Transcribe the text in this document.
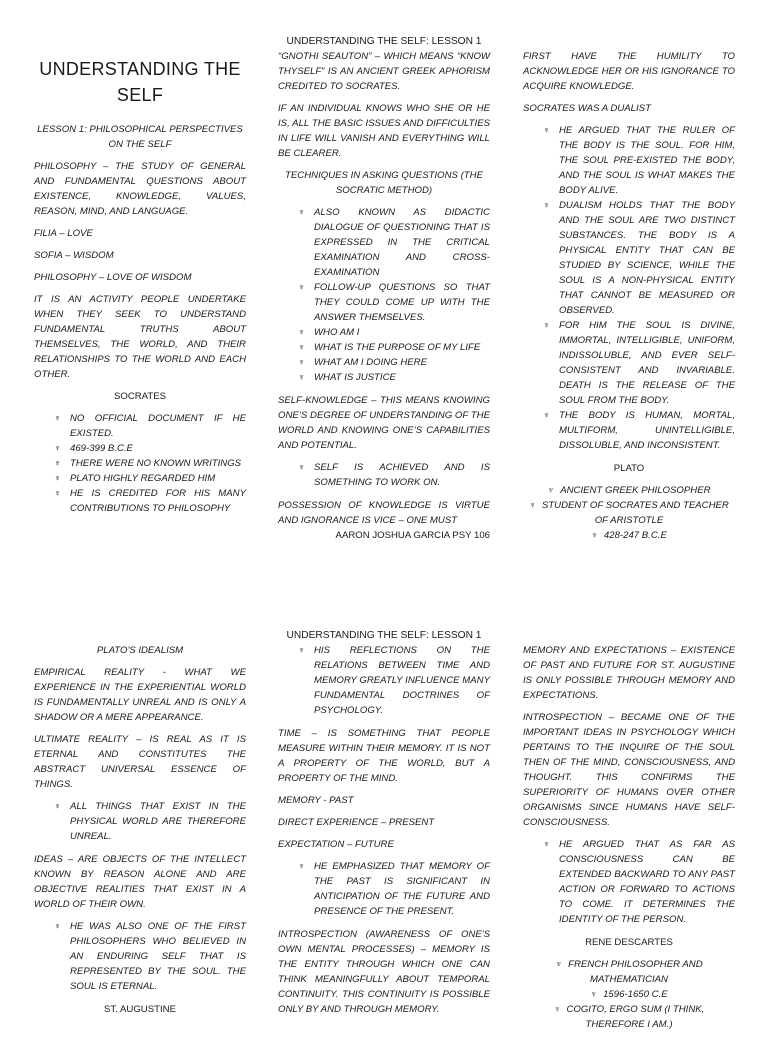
UNDERSTANDING THE SELF

LESSON 1: PHILOSOPHICAL PERSPECTIVES ON THE SELF

PHILOSOPHY – THE STUDY OF GENERAL AND FUNDAMENTAL QUESTIONS ABOUT EXISTENCE, KNOWLEDGE, VALUES, REASON, MIND, AND LANGUAGE.

FILIA – LOVE

SOFIA – WISDOM

PHILOSOPHY – LOVE OF WISDOM

IT IS AN ACTIVITY PEOPLE UNDERTAKE WHEN THEY SEEK TO UNDERSTAND FUNDAMENTAL TRUTHS ABOUT THEMSELVES, THE WORLD, AND THEIR RELATIONSHIPS TO THE WORLD AND EACH OTHER.

SOCRATES

♆ NO OFFICIAL DOCUMENT IF HE EXISTED.
♆ 469-399 B.C.E
♆ THERE WERE NO KNOWN WRITINGS
♆ PLATO HIGHLY REGARDED HIM
♆ HE IS CREDITED FOR HIS MANY CONTRIBUTIONS TO PHILOSOPHY
UNDERSTANDING THE SELF: LESSON 1

“GNOTHI SEAUTON” – WHICH MEANS “KNOW THYSELF” IS AN ANCIENT GREEK APHORISM CREDITED TO SOCRATES.

IF AN INDIVIDUAL KNOWS WHO SHE OR HE IS, ALL THE BASIC ISSUES AND DIFFICULTIES IN LIFE WILL VANISH AND EVERYTHING WILL BE CLEARER.

TECHNIQUES IN ASKING QUESTIONS (THE SOCRATIC METHOD)

♆ ALSO KNOWN AS DIDACTIC DIALOGUE OF QUESTIONING THAT IS EXPRESSED IN THE CRITICAL EXAMINATION AND CROSS-EXAMINATION
♆ FOLLOW-UP QUESTIONS SO THAT THEY COULD COME UP WITH THE ANSWER THEMSELVES.
♆ WHO AM I
♆ WHAT IS THE PURPOSE OF MY LIFE
♆ WHAT AM I DOING HERE
♆ WHAT IS JUSTICE

SELF-KNOWLEDGE – THIS MEANS KNOWING ONE’S DEGREE OF UNDERSTANDING OF THE WORLD AND KNOWING ONE’S CAPABILITIES AND POTENTIAL.

♆ SELF IS ACHIEVED AND IS SOMETHING TO WORK ON.

POSSESSION OF KNOWLEDGE IS VIRTUE AND IGNORANCE IS VICE – ONE MUST

AARON JOSHUA GARCIA PSY 106

FIRST HAVE THE HUMILITY TO ACKNOWLEDGE HER OR HIS IGNORANCE TO ACQUIRE KNOWLEDGE.

SOCRATES WAS A DUALIST

♆ HE ARGUED THAT THE RULER OF THE BODY IS THE SOUL. FOR HIM, THE SOUL PRE-EXISTED THE BODY, AND THE SOUL IS WHAT MAKES THE BODY ALIVE.
♆ DUALISM HOLDS THAT THE BODY AND THE SOUL ARE TWO DISTINCT SUBSTANCES. THE BODY IS A PHYSICAL ENTITY THAT CAN BE STUDIED BY SCIENCE, WHILE THE SOUL IS A NON-PHYSICAL ENTITY THAT CANNOT BE MEASURED OR OBSERVED.
♆ FOR HIM THE SOUL IS DIVINE, IMMORTAL, INTELLIGIBLE, UNIFORM, INDISSOLUBLE, AND EVER SELF-CONSISTENT AND INVARIABLE. DEATH IS THE RELEASE OF THE SOUL FROM THE BODY.
♆ THE BODY IS HUMAN, MORTAL, MULTIFORM, UNINTELLIGIBLE, DISSOLUBLE, AND INCONSISTENT.

PLATO

♆ ANCIENT GREEK PHILOSOPHER
♆ STUDENT OF SOCRATES AND TEACHER OF ARISTOTLE
♆ 428-247 B.C.E

PLATO'S IDEALISM

EMPIRICAL REALITY - WHAT WE EXPERIENCE IN THE EXPERIENTIAL WORLD IS FUNDAMENTALLY UNREAL AND IS ONLY A SHADOW OR A MERE APPEARANCE.

ULTIMATE REALITY – IS REAL AS IT IS ETERNAL AND CONSTITUTES THE ABSTRACT UNIVERSAL ESSENCE OF THINGS.

♆ ALL THINGS THAT EXIST IN THE PHYSICAL WORLD ARE THEREFORE UNREAL.

IDEAS – ARE OBJECTS OF THE INTELLECT KNOWN BY REASON ALONE AND ARE OBJECTIVE REALITIES THAT EXIST IN A WORLD OF THEIR OWN.

♆ HE WAS ALSO ONE OF THE FIRST PHILOSOPHERS WHO BELIEVED IN AN ENDURING SELF THAT IS REPRESENTED BY THE SOUL. THE SOUL IS ETERNAL.

ST. AUGUSTINE

UNDERSTANDING THE SELF: LESSON 1
♆ HIS REFLECTIONS ON THE RELATIONS BETWEEN TIME AND MEMORY GREATLY INFLUENCE MANY FUNDAMENTAL DOCTRINES OF PSYCHOLOGY.

TIME – IS SOMETHING THAT PEOPLE MEASURE WITHIN THEIR MEMORY. IT IS NOT A PROPERTY OF THE WORLD, BUT A PROPERTY OF THE MIND.

MEMORY - PAST

DIRECT EXPERIENCE – PRESENT

EXPECTATION – FUTURE

♆ HE EMPHASIZED THAT MEMORY OF THE PAST IS SIGNIFICANT IN ANTICIPATION OF THE FUTURE AND PRESENCE OF THE PRESENT.

INTROSPECTION (AWARENESS OF ONE'S OWN MENTAL PROCESSES) – MEMORY IS THE ENTITY THROUGH WHICH ONE CAN THINK MEANINGFULLY ABOUT TEMPORAL CONTINUITY. THIS CONTINUITY IS POSSIBLE ONLY BY AND THROUGH MEMORY.

MEMORY AND EXPECTATIONS – EXISTENCE OF PAST AND FUTURE FOR ST. AUGUSTINE IS ONLY POSSIBLE THROUGH MEMORY AND EXPECTATIONS.

INTROSPECTION – BECAME ONE OF THE IMPORTANT IDEAS IN PSYCHOLOGY WHICH PERTAINS TO THE INQUIRE OF THE SOUL THEN OF THE MIND, CONSCIOUSNESS, AND THOUGHT. THIS CONFIRMS THE SUPERIORITY OF HUMANS OVER OTHER ORGANISMS SINCE HUMANS HAVE SELF-CONSCIOUSNESS.

♆ HE ARGUED THAT AS FAR AS CONSCIOUSNESS CAN BE EXTENDED BACKWARD TO ANY PAST ACTION OR FORWARD TO ACTIONS TO COME. IT DETERMINES THE IDENTITY OF THE PERSON.

RENE DESCARTES

♆ FRENCH PHILOSOPHER AND MATHEMATICIAN
♆ 1596-1650 C.E
♆ COGITO, ERGO SUM (I THINK, THEREFORE I AM.)
